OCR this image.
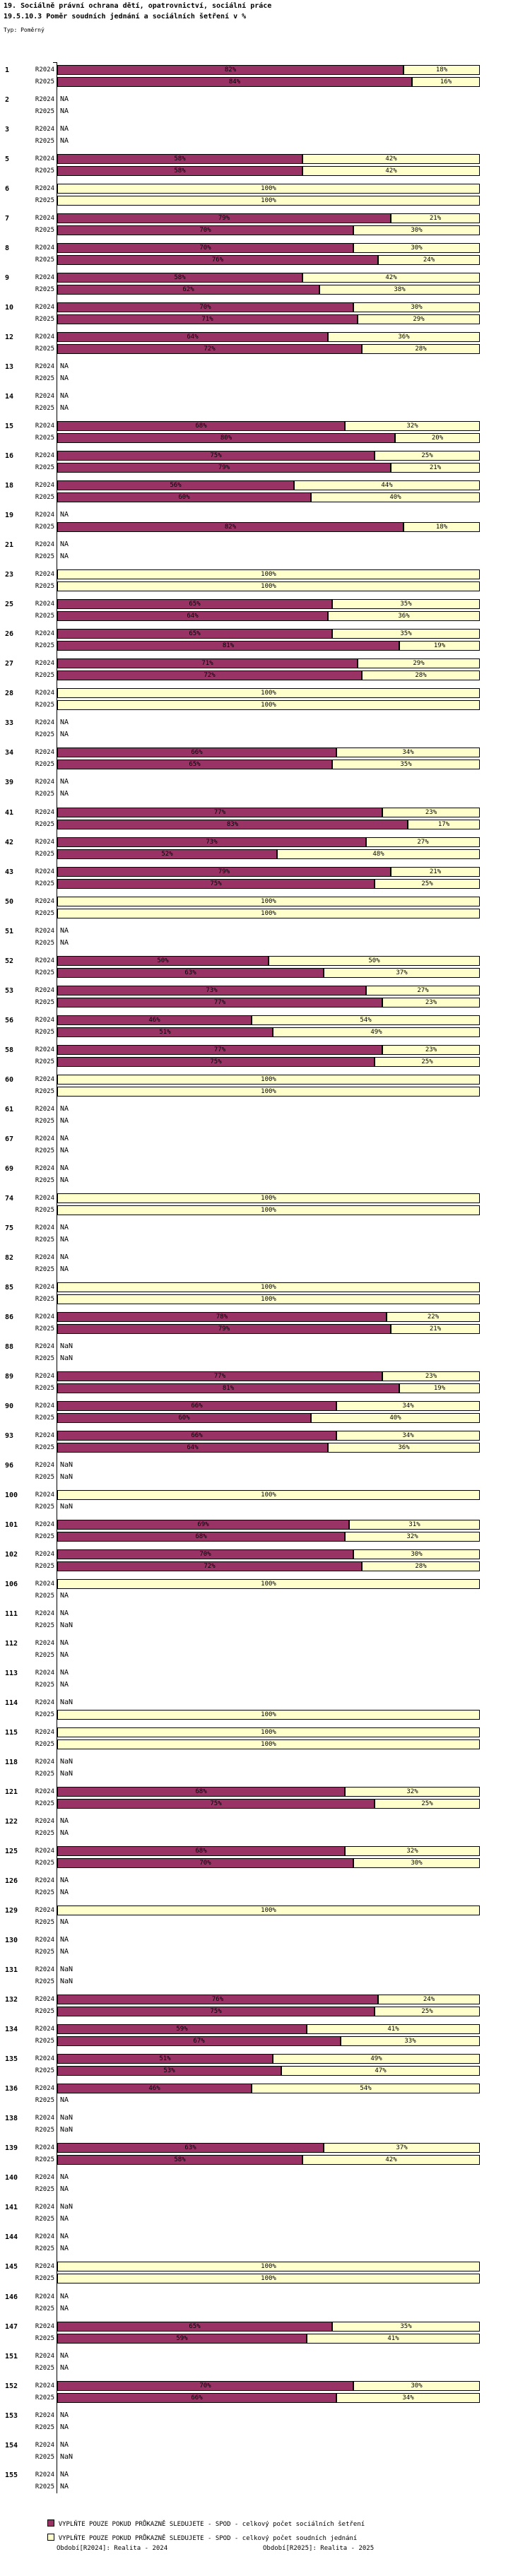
19. Sociálně právní ochrana dětí, opatrovnictví, sociální práce
19.5.10.3 Poměr soudních jednání a sociálních šetření v %
Typ: Poměrný
1	R2024	82%	18%
R2025	84%	16%
2	R2024 NA
R2025 NA
3	R2024 NA
R2025 NA
5	R2024	58%	42%
R2025	58%	42%
6	R2024	100%
R2025	100%
7	R2024	79%	21%
R2025	70%	30%
8	R2024	70%	30%
R2025	76%	24%
9	R2024	58%	42%
R2025	62%	38%
10	R2024	70%	30%
R2025	71%	29%
12	R2024	64%	36%
R2025	72%	28%
13	R2024 NA
R2025 NA
14	R2024 NA
R2025 NA
15	R2024	68%	32%
R2025	80%	20%
16	R2024	75%	25%
R2025	79%	21%
18	R2024	56%	44%
R2025	60%	40%
19	R2024 NA
R2025	82%	18%
21	R2024 NA
R2025 NA
23	R2024	100%
R2025	100%
25	R2024	65%	35%
R2025	64%	36%
26	R2024	65%	35%
R2025	81%	19%
27	R2024	71%	29%
R2025	72%	28%
28	R2024	100%
R2025	100%
33	R2024 NA
R2025 NA
34	R2024	66%	34%
R2025	65%	35%
39	R2024 NA
R2025 NA
41	R2024	77%	23%
R2025	83%	17%
42	R2024	73%	27%
R2025	52%	48%
43	R2024	79%	21%
R2025	75%	25%
50	R2024	100%
R2025	100%
51	R2024 NA
R2025 NA
52	R2024	50%	50%
R2025	63%	37%
53	R2024	73%	27%
R2025	77%	23%
56	R2024	46%	54%
R2025	51%	49%
58	R2024	77%	23%
R2025	75%	25%
60	R2024	100%
R2025	100%
61	R2024 NA
R2025 NA
67	R2024 NA
R2025 NA
69	R2024 NA
R2025 NA
74	R2024	100%
R2025	100%
75	R2024 NA
R2025 NA
82	R2024 NA
R2025 NA
85	R2024	100%
R2025	100%
86	R2024	78%	22%
R2025	79%	21%
88	R2024 NaN
R2025 NaN
89	R2024	77%	23%
R2025	81%	19%
90	R2024	66%	34%
R2025	60%	40%
93	R2024	66%	34%
R2025	64%	36%
96	R2024 NaN
R2025 NaN
100	R2024	100%
R2025 NaN
101	R2024	69%	31%
R2025	68%	32%
102	R2024	70%	30%
R2025	72%	28%
106	R2024	100%
R2025 NA
111	R2024 NA
R2025 NaN
112	R2024 NA
R2025 NA
113	R2024 NA
R2025 NA
114	R2024 NaN
R2025	100%
115	R2024	100%
R2025	100%
118	R2024 NaN
R2025 NaN
121	R2024	68%	32%
R2025	75%	25%
122	R2024 NA
R2025 NA
125	R2024	68%	32%
R2025	70%	30%
126	R2024 NA
R2025 NA
129	R2024	100%
R2025 NA
130	R2024 NA
R2025 NA
131	R2024 NaN
R2025 NaN
132	R2024	76%	24%
R2025	75%	25%
134	R2024	59%	41%
R2025	67%	33%
135	R2024	51%	49%
R2025	53%	47%
136	R2024	46%	54%
R2025 NA
138	R2024 NaN
R2025 NaN
139	R2024	63%	37%
R2025	58%	42%
140	R2024 NA
R2025 NA
141	R2024 NaN
R2025 NA
144	R2024 NA
R2025 NA
145	R2024	100%
R2025	100%
146	R2024 NA
R2025 NA
147	R2024	65%	35%
R2025	59%	41%
151	R2024 NA
R2025 NA
152	R2024	70%	30%
R2025	66%	34%
153	R2024 NA
R2025 NA
154	R2024 NA
R2025 NaN
155	R2024 NA
R2025 NA

VYPLŇTE POUZE POKUD PRŮKAZNĚ SLEDUJETE - SPOD - celkový počet sociálních šetření

VYPLŇTE POUZE POKUD PRŮKAZNĚ SLEDUJETE - SPOD - celkový počet soudních jednání

Období[R2024]: Realita - 2024	Období[R2025]: Realita - 2025
